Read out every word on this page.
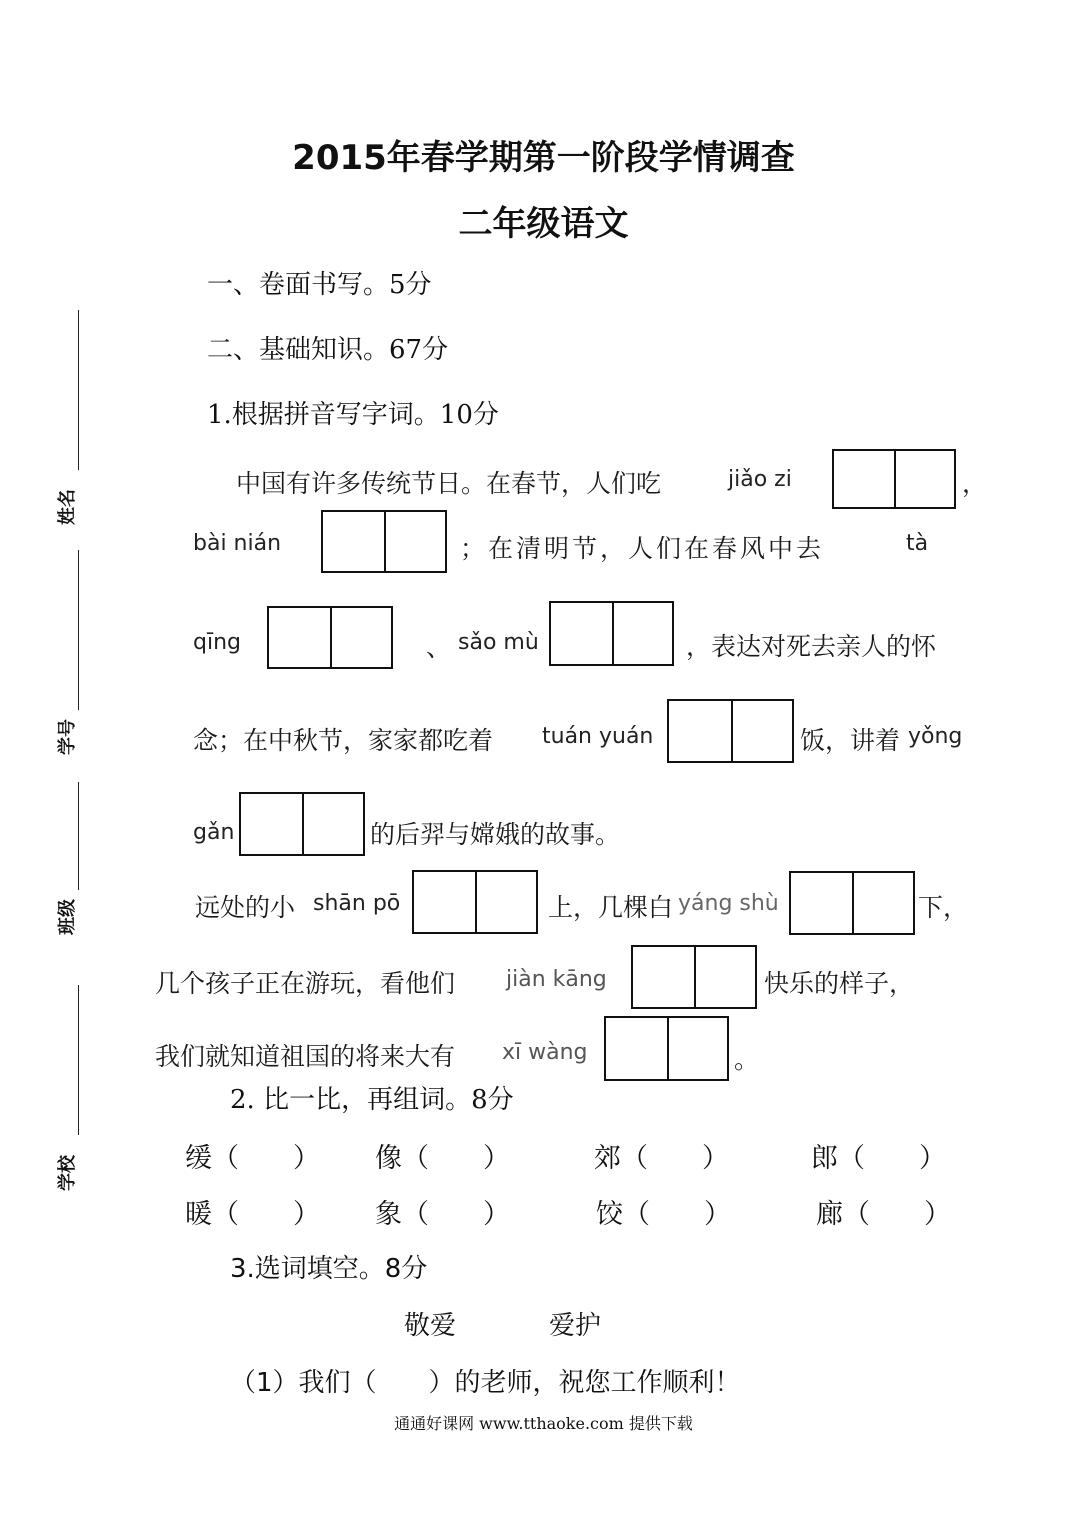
2015年春学期第一阶段学情调查
二年级语文
姓名
学号
班级
学校
一、卷面书写。5分
二、基础知识。67分
1.根据拼音写字词。10分
中国有许多传统节日。在春节，人们吃	jiǎo zi	，
bài nián	；在清明节，人们在春风中去	tà
qīng	、 sǎo mù	，表达对死去亲人的怀
念；在中秋节，家家都吃着 tuán yuán	饭，讲着 yǒng
gǎn	的后羿与嫦娥的故事。
远处的小 shān pō	上，几棵白 yáng shù	下，
几个孩子正在游玩，看他们 jiàn kāng	快乐的样子，
我们就知道祖国的将来大有 xī wàng	。
2. 比一比，再组词。8分
缓（　　） 像（　　）	郊（　　）	郎（　　）
暖（　　） 象（　　）	饺（　　）	廊（　　）
3.选词填空。8分
敬爱	爱护
（1）我们（　　）的老师，祝您工作顺利！
通通好课网 www.tthaoke.com 提供下载
